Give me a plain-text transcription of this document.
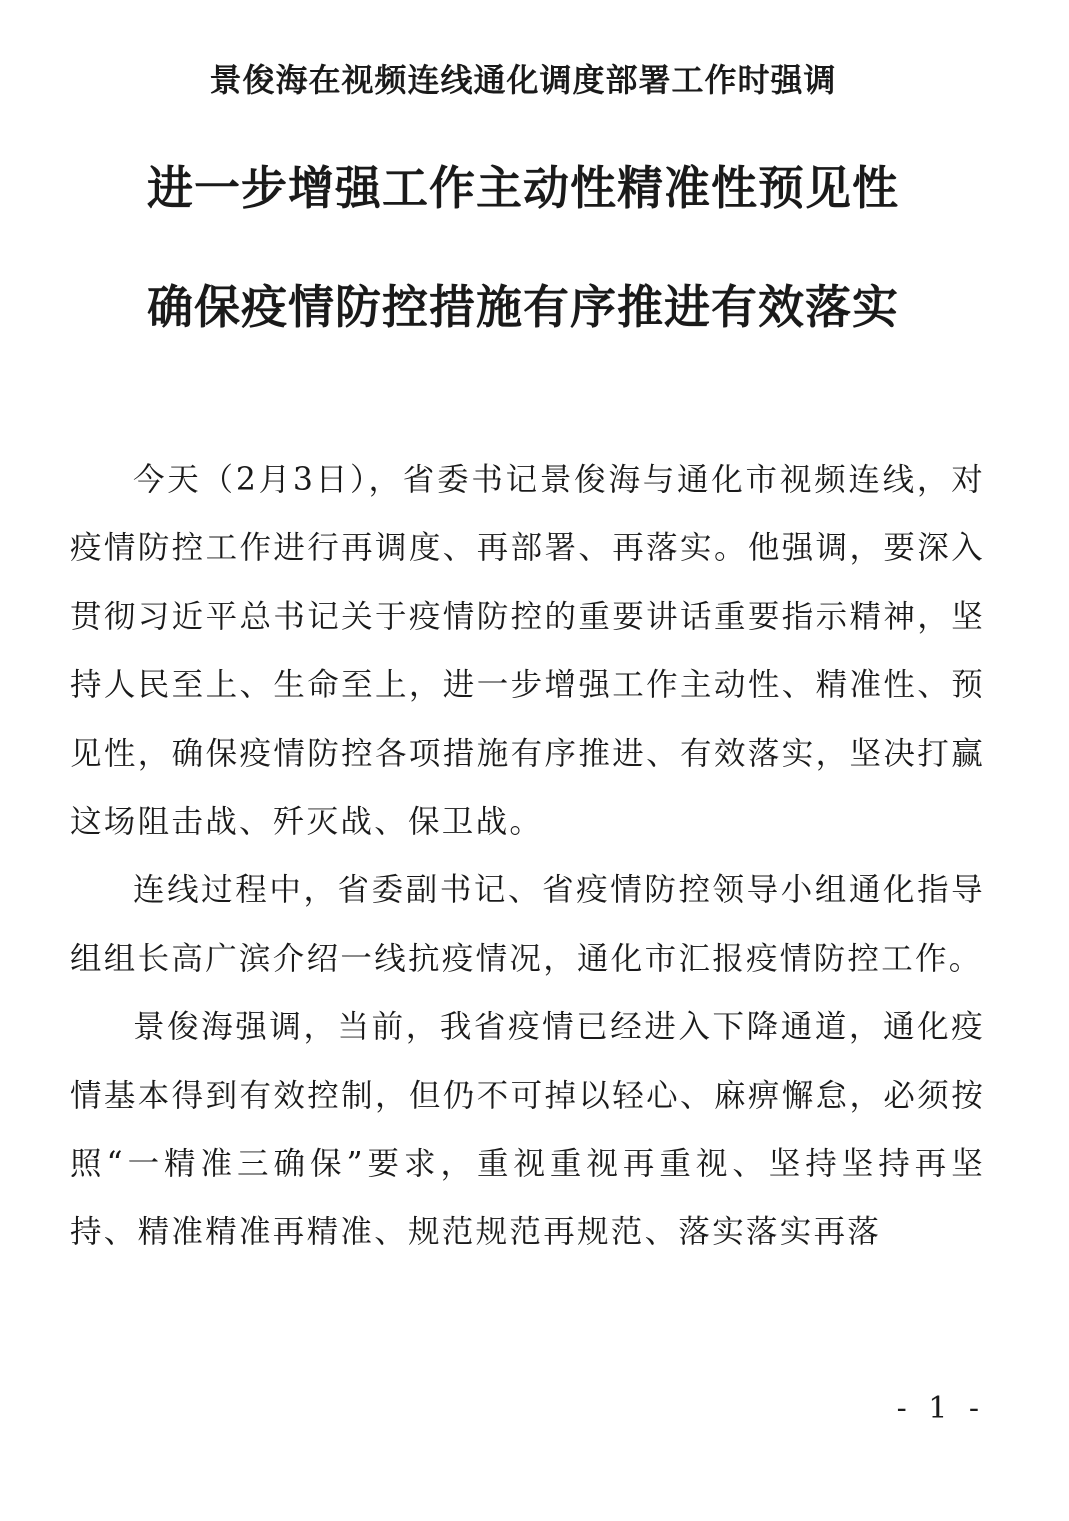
景俊海在视频连线通化调度部署工作时强调
进一步增强工作主动性精准性预见性
确保疫情防控措施有序推进有效落实

今天（2月3日），省委书记景俊海与通化市视频连线，对疫情防控工作进行再调度、再部署、再落实。他强调，要深入贯彻习近平总书记关于疫情防控的重要讲话重要指示精神，坚持人民至上、生命至上，进一步增强工作主动性、精准性、预见性，确保疫情防控各项措施有序推进、有效落实，坚决打赢这场阻击战、歼灭战、保卫战。

连线过程中，省委副书记、省疫情防控领导小组通化指导组组长高广滨介绍一线抗疫情况，通化市汇报疫情防控工作。

景俊海强调，当前，我省疫情已经进入下降通道，通化疫情基本得到有效控制，但仍不可掉以轻心、麻痹懈怠，必须按照“一精准三确保”要求，重视重视再重视、坚持坚持再坚持、精准精准再精准、规范规范再规范、落实落实再落

- 1 -
